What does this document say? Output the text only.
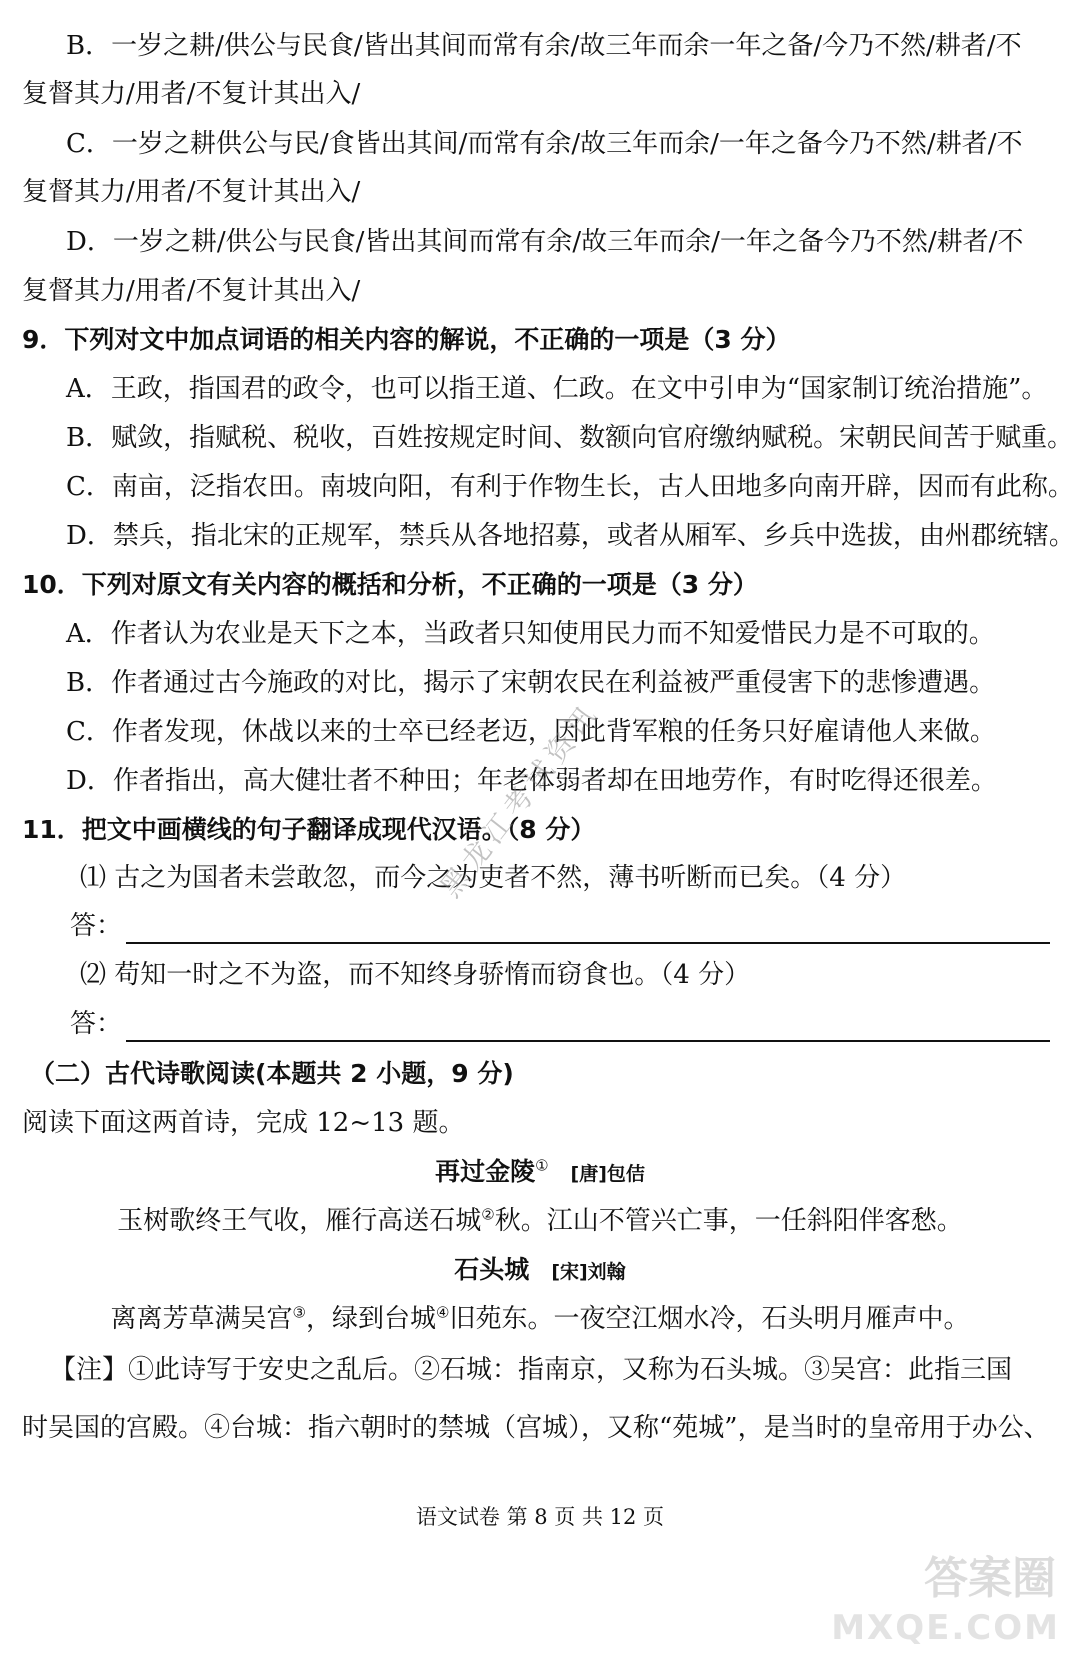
B．一岁之耕/供公与民食/皆出其间而常有余/故三年而余一年之备/今乃不然/耕者/不
复督其力/用者/不复计其出入/
C．一岁之耕供公与民/食皆出其间/而常有余/故三年而余/一年之备今乃不然/耕者/不
复督其力/用者/不复计其出入/
D．一岁之耕/供公与民食/皆出其间而常有余/故三年而余/一年之备今乃不然/耕者/不
复督其力/用者/不复计其出入/
9．下列对文中加点词语的相关内容的解说，不正确的一项是（3 分）
A．王政，指国君的政令，也可以指王道、仁政。在文中引申为“国家制订统治措施”。
B．赋敛，指赋税、税收，百姓按规定时间、数额向官府缴纳赋税。宋朝民间苦于赋重。
C．南亩，泛指农田。南坡向阳，有利于作物生长，古人田地多向南开辟，因而有此称。
D．禁兵，指北宋的正规军，禁兵从各地招募，或者从厢军、乡兵中选拔，由州郡统辖。
10．下列对原文有关内容的概括和分析，不正确的一项是（3 分）
A．作者认为农业是天下之本，当政者只知使用民力而不知爱惜民力是不可取的。
B．作者通过古今施政的对比，揭示了宋朝农民在利益被严重侵害下的悲惨遭遇。
C．作者发现，休战以来的士卒已经老迈，因此背军粮的任务只好雇请他人来做。
D．作者指出，高大健壮者不种田；年老体弱者却在田地劳作，有时吃得还很差。
11．把文中画横线的句子翻译成现代汉语。（8 分）
⑴ 古之为国者未尝敢忽，而今之为吏者不然，薄书听断而已矣。（4 分）
答：
⑵ 苟知一时之不为盗，而不知终身骄惰而窃食也。（4 分）
答：
（二）古代诗歌阅读(本题共 2 小题，9 分)
阅读下面这两首诗，完成 12~13 题。
再过金陵① [唐]包佶
玉树歌终王气收，雁行高送石城②秋。江山不管兴亡事，一任斜阳伴客愁。
石头城 [宋]刘翰
离离芳草满吴宫③，绿到台城④旧苑东。一夜空江烟水冷，石头明月雁声中。
【注】①此诗写于安史之乱后。②石城：指南京，又称为石头城。③吴宫：此指三国
时吴国的宫殿。④台城：指六朝时的禁城（宫城），又称“苑城”，是当时的皇帝用于办公、
语文试卷 第 8 页 共 12 页
黑龙江考试资讯
答案圈
MXQE.COM
